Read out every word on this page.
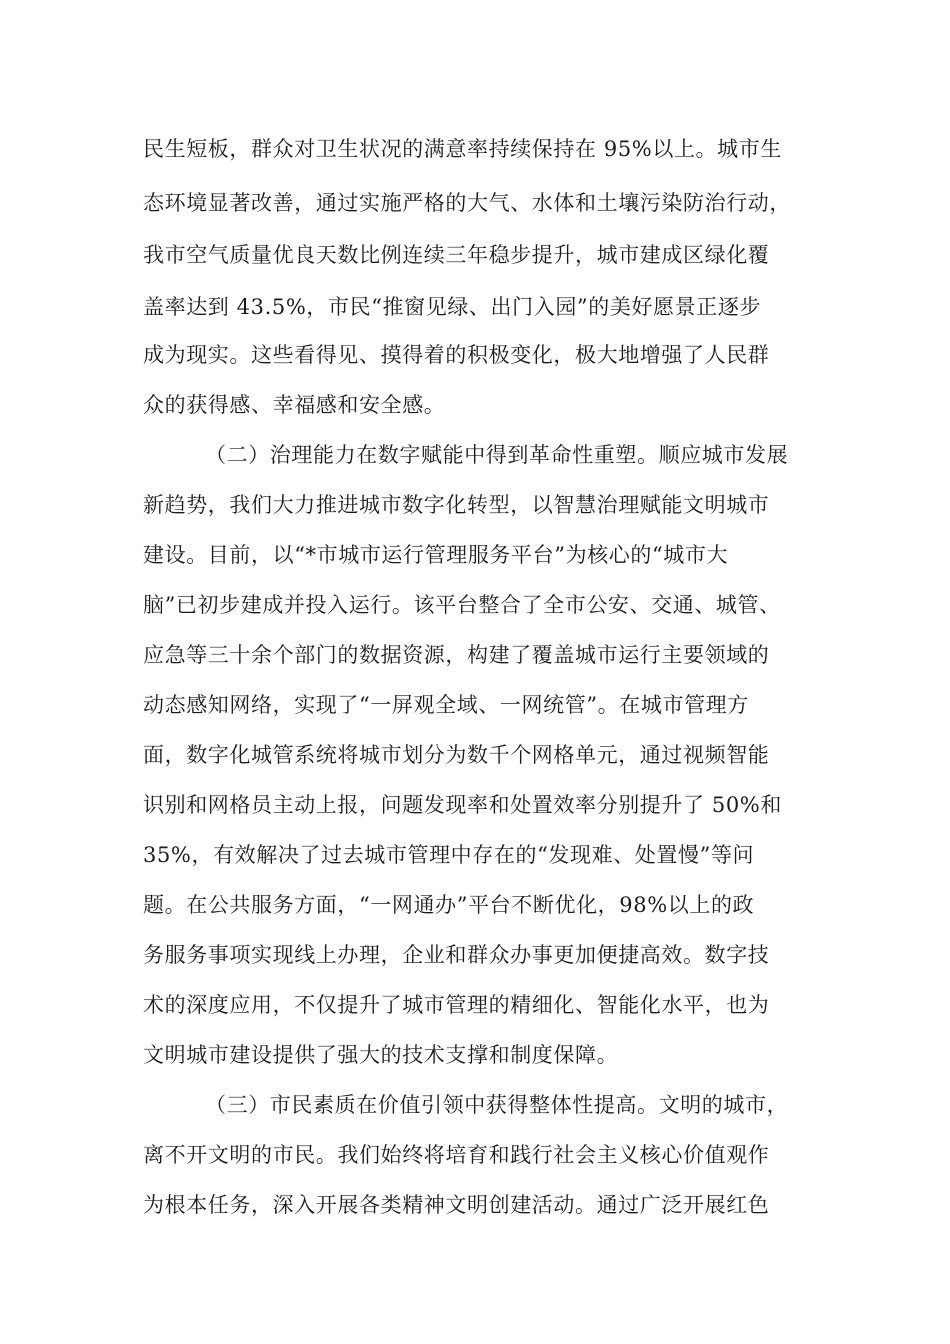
民生短板，群众对卫生状况的满意率持续保持在 95%以上。城市生
态环境显著改善，通过实施严格的大气、水体和土壤污染防治行动，
我市空气质量优良天数比例连续三年稳步提升，城市建成区绿化覆
盖率达到 43.5%，市民“推窗见绿、出门入园”的美好愿景正逐步
成为现实。这些看得见、摸得着的积极变化，极大地增强了人民群
众的获得感、幸福感和安全感。
（二）治理能力在数字赋能中得到革命性重塑。顺应城市发展
新趋势，我们大力推进城市数字化转型，以智慧治理赋能文明城市
建设。目前，以“*市城市运行管理服务平台”为核心的“城市大
脑”已初步建成并投入运行。该平台整合了全市公安、交通、城管、
应急等三十余个部门的数据资源，构建了覆盖城市运行主要领域的
动态感知网络，实现了“一屏观全域、一网统管”。在城市管理方
面，数字化城管系统将城市划分为数千个网格单元，通过视频智能
识别和网格员主动上报，问题发现率和处置效率分别提升了 50%和
35%，有效解决了过去城市管理中存在的“发现难、处置慢”等问
题。在公共服务方面，“一网通办”平台不断优化，98%以上的政
务服务事项实现线上办理，企业和群众办事更加便捷高效。数字技
术的深度应用，不仅提升了城市管理的精细化、智能化水平，也为
文明城市建设提供了强大的技术支撑和制度保障。
（三）市民素质在价值引领中获得整体性提高。文明的城市，
离不开文明的市民。我们始终将培育和践行社会主义核心价值观作
为根本任务，深入开展各类精神文明创建活动。通过广泛开展红色
